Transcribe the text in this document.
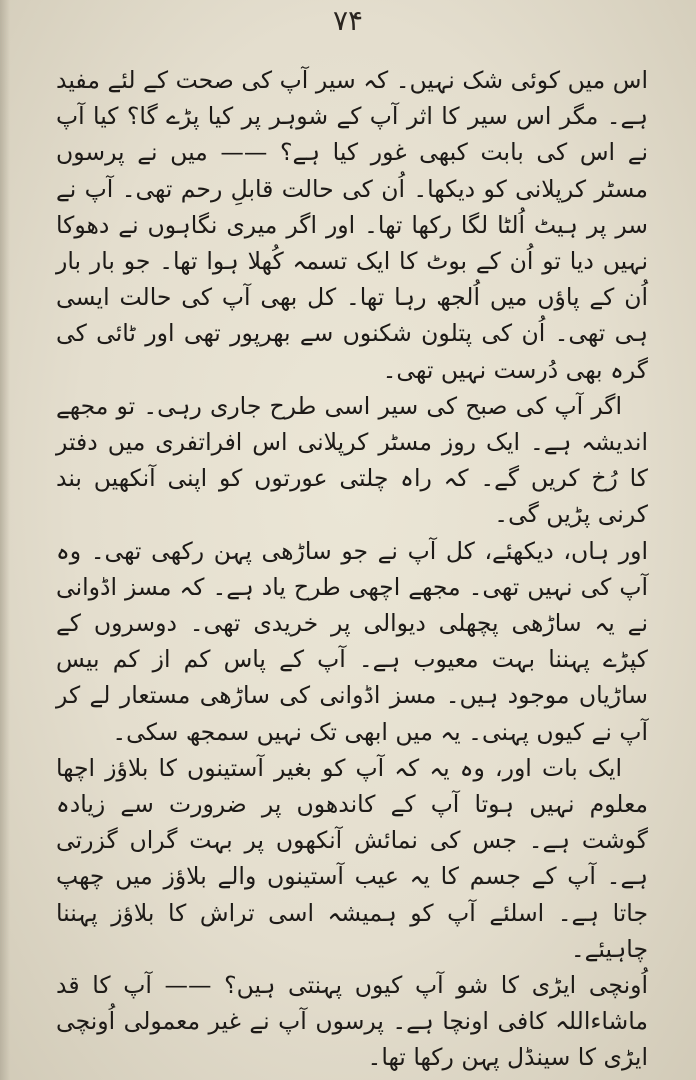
۷۴

اس میں کوئی شک نہیں۔ کہ سیر آپ کی صحت کے لئے مفید ہے۔ مگر اس سیر کا اثر آپ کے شوہر پر کیا پڑے گا؟ کیا آپ نے اس کی بابت کبھی غور کیا ہے؟ —— میں نے پرسوں مسٹر کرپلانی کو دیکھا۔ اُن کی حالت قابلِ رحم تھی۔ آپ نے سر پر ہیٹ اُلٹا لگا رکھا تھا۔ اور اگر میری نگاہوں نے دھوکا نہیں دیا تو اُن کے بوٹ کا ایک تسمہ کُھلا ہوا تھا۔ جو بار بار اُن کے پاؤں میں اُلجھ رہا تھا۔ کل بھی آپ کی حالت ایسی ہی تھی۔ اُن کی پتلون شکنوں سے بھرپور تھی اور ٹائی کی گرہ بھی دُرست نہیں تھی۔

اگر آپ کی صبح کی سیر اسی طرح جاری رہی۔ تو مجھے اندیشہ ہے۔ ایک روز مسٹر کرپلانی اس افراتفری میں دفتر کا رُخ کریں گے۔ کہ راہ چلتی عورتوں کو اپنی آنکھیں بند کرنی پڑیں گی۔

اور ہاں، دیکھئے، کل آپ نے جو ساڑھی پہن رکھی تھی۔ وہ آپ کی نہیں تھی۔ مجھے اچھی طرح یاد ہے۔ کہ مسز اڈوانی نے یہ ساڑھی پچھلی دیوالی پر خریدی تھی۔ دوسروں کے کپڑے پہننا بہت معیوب ہے۔ آپ کے پاس کم از کم بیس ساڑیاں موجود ہیں۔ مسز اڈوانی کی ساڑھی مستعار لے کر آپ نے کیوں پہنی۔ یہ میں ابھی تک نہیں سمجھ سکی۔

ایک بات اور، وہ یہ کہ آپ کو بغیر آستینوں کا بلاؤز اچھا معلوم نہیں ہوتا آپ کے کاندھوں پر ضرورت سے زیادہ گوشت ہے۔ جس کی نمائش آنکھوں پر بہت گراں گزرتی ہے۔ آپ کے جسم کا یہ عیب آستینوں والے بلاؤز میں چھپ جاتا ہے۔ اسلئے آپ کو ہمیشہ اسی تراش کا بلاؤز پہننا چاہیئے۔

اُونچی ایڑی کا شو آپ کیوں پہنتی ہیں؟ —— آپ کا قد ماشاءاللہ کافی اونچا ہے۔ پرسوں آپ نے غیر معمولی اُونچی ایڑی کا سینڈل پہن رکھا تھا۔
